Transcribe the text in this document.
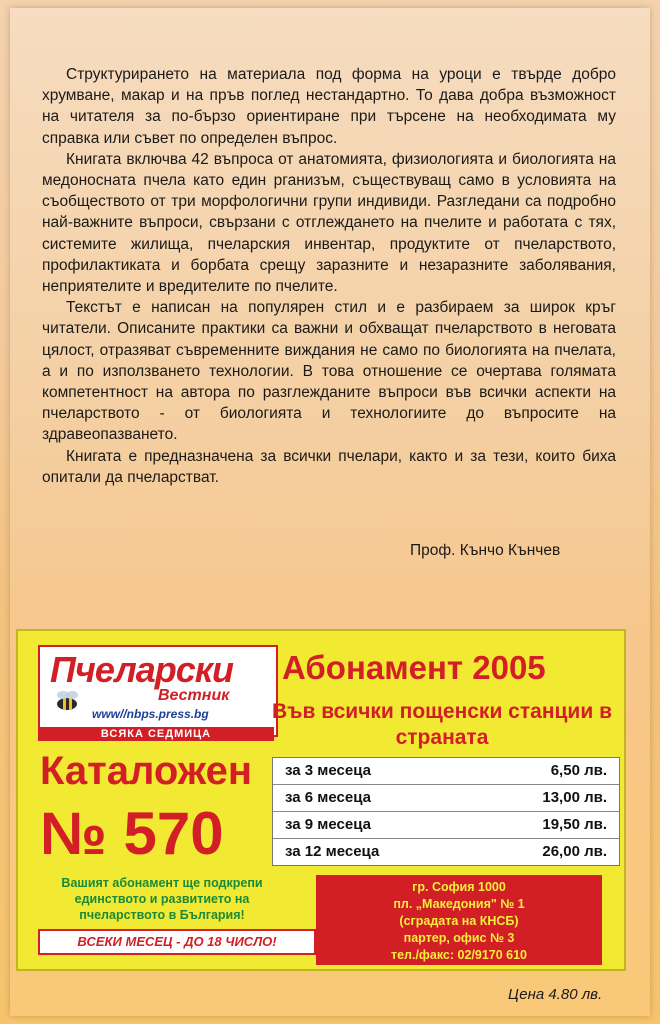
Структурирането на материала под форма на уроци е твърде добро хрумване, макар и на пръв поглед нестандартно. То дава добра възможност на читателя за по-бързо ориентиране при търсене на необходимата му справка или съвет по определен въпрос.

Книгата включва 42 въпроса от анатомията, физиологията и биологията на медоносната пчела като един рганизъм, съществуващ само в условията на съобществото от три морфологични групи индивиди. Разгледани са подробно най-важните въпроси, свързани с отглеждането на пчелите и работата с тях, системите жилища, пчеларския инвентар, продуктите от пчеларството, профилактиката и борбата срещу заразните и незаразните заболявания, неприятелите и вредителите по пчелите.

Текстът е написан на популярен стил и е разбираем за широк кръг читатели. Описаните практики са важни и обхващат пчеларството в неговата цялост, отразяват съвременните виждания не само по биологията на пчелата, а и по използването технологии. В това отношение се очертава голямата компетентност на автора по разглежданите въпроси във всички аспекти на пчеларството - от биологията и технологиите до въпросите на здравеопазването.

Книгата е предназначена за всички пчелари, както и за тези, които биха опитали да пчеларстват.

Проф. Кънчо Кънчев
Пчеларски
Вестник
www//nbps.press.bg
ВСЯКА СЕДМИЦА
Каталожен
№ 570
Вашият абонамент ще подкрепи единството и развитието на пчеларството в България!
ВСЕКИ МЕСЕЦ - ДО 18 ЧИСЛО!
Абонамент 2005
Във всички пощенски станции в страната
за 3 месеца	6,50 лв.
за 6 месеца	13,00 лв.
за 9 месеца	19,50 лв.
за 12 месеца	26,00 лв.
гр. София 1000
пл. „Македония" № 1
(сградата на КНСБ)
партер, офис № 3
тел./факс: 02/9170 610
Цена 4.80 лв.
